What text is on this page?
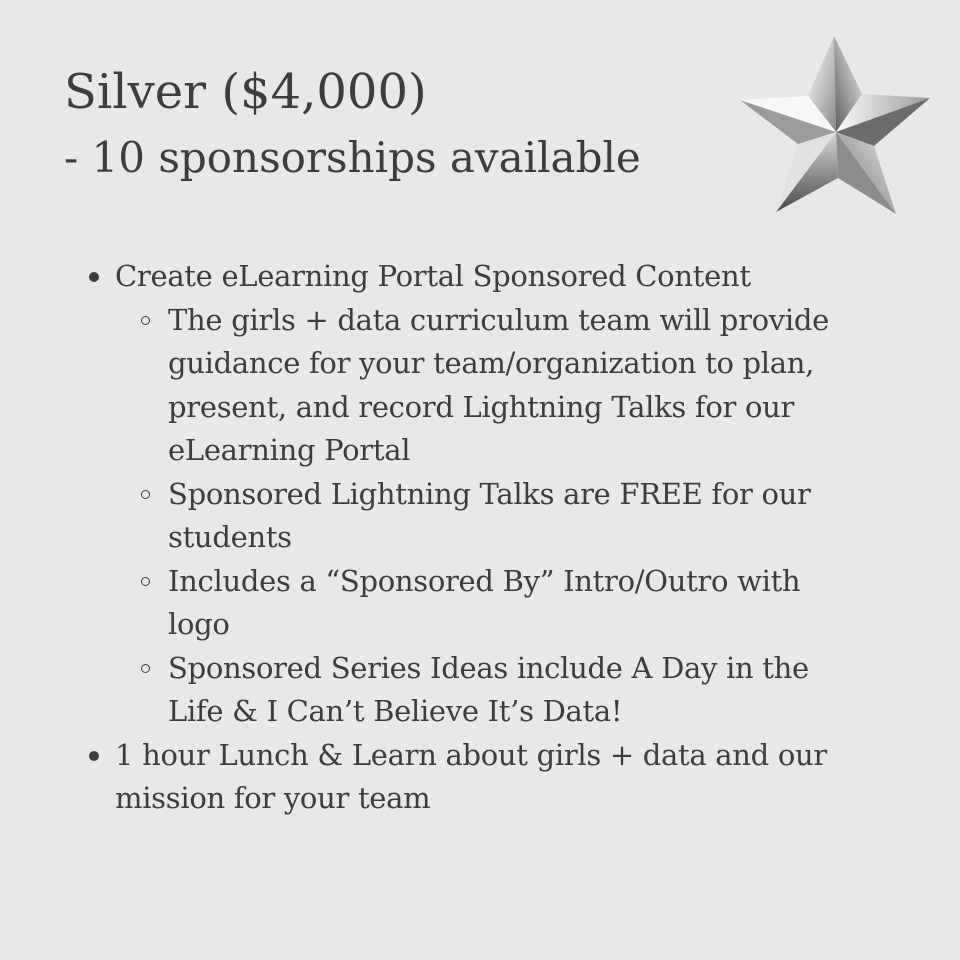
Silver ($4,000)
- 10 sponsorships available
Create eLearning Portal Sponsored Content
The girls + data curriculum team will provide guidance for your team/organization to plan, present, and record Lightning Talks for our eLearning Portal
Sponsored Lightning Talks are FREE for our students
Includes a “Sponsored By” Intro/Outro with logo
Sponsored Series Ideas include A Day in the Life & I Can’t Believe It’s Data!
1 hour Lunch & Learn about girls + data and our mission for your team
